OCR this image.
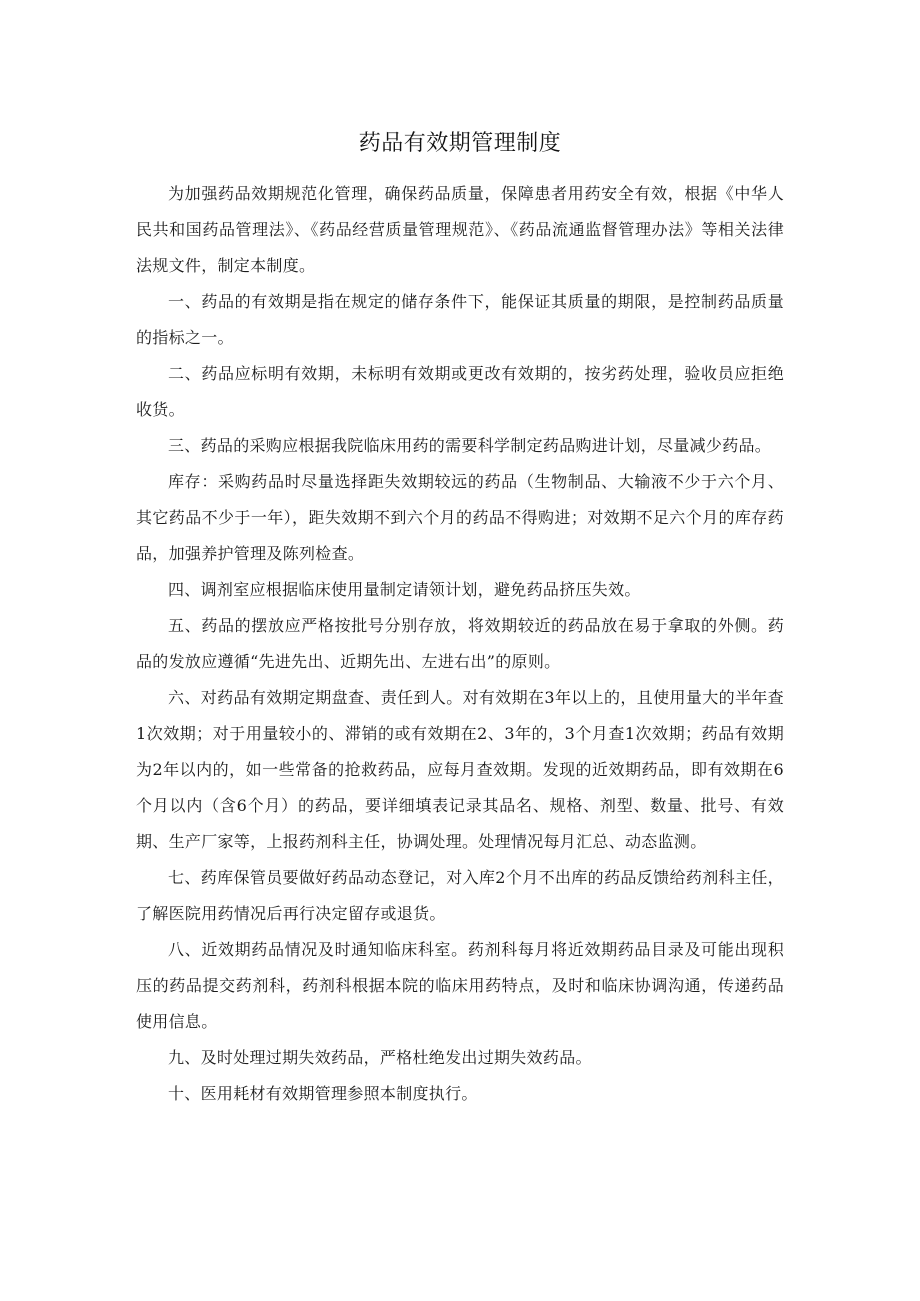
药品有效期管理制度

为加强药品效期规范化管理，确保药品质量，保障患者用药安全有效，根据《中华人民共和国药品管理法》、《药品经营质量管理规范》、《药品流通监督管理办法》等相关法律法规文件，制定本制度。

一、药品的有效期是指在规定的储存条件下，能保证其质量的期限，是控制药品质量的指标之一。

二、药品应标明有效期，未标明有效期或更改有效期的，按劣药处理，验收员应拒绝收货。

三、药品的采购应根据我院临床用药的需要科学制定药品购进计划，尽量减少药品。

库存：采购药品时尽量选择距失效期较远的药品（生物制品、大输液不少于六个月、其它药品不少于一年），距失效期不到六个月的药品不得购进；对效期不足六个月的库存药品，加强养护管理及陈列检查。

四、调剂室应根据临床使用量制定请领计划，避免药品挤压失效。

五、药品的摆放应严格按批号分别存放，将效期较近的药品放在易于拿取的外侧。药品的发放应遵循“先进先出、近期先出、左进右出”的原则。

六、对药品有效期定期盘查、责任到人。对有效期在3年以上的，且使用量大的半年查1次效期；对于用量较小的、滞销的或有效期在2、3年的，3个月查1次效期；药品有效期为2年以内的，如一些常备的抢救药品，应每月查效期。发现的近效期药品，即有效期在6个月以内（含6个月）的药品，要详细填表记录其品名、规格、剂型、数量、批号、有效期、生产厂家等，上报药剂科主任，协调处理。处理情况每月汇总、动态监测。

七、药库保管员要做好药品动态登记，对入库2个月不出库的药品反馈给药剂科主任，了解医院用药情况后再行决定留存或退货。

八、近效期药品情况及时通知临床科室。药剂科每月将近效期药品目录及可能出现积压的药品提交药剂科，药剂科根据本院的临床用药特点，及时和临床协调沟通，传递药品使用信息。

九、及时处理过期失效药品，严格杜绝发出过期失效药品。

十、医用耗材有效期管理参照本制度执行。
